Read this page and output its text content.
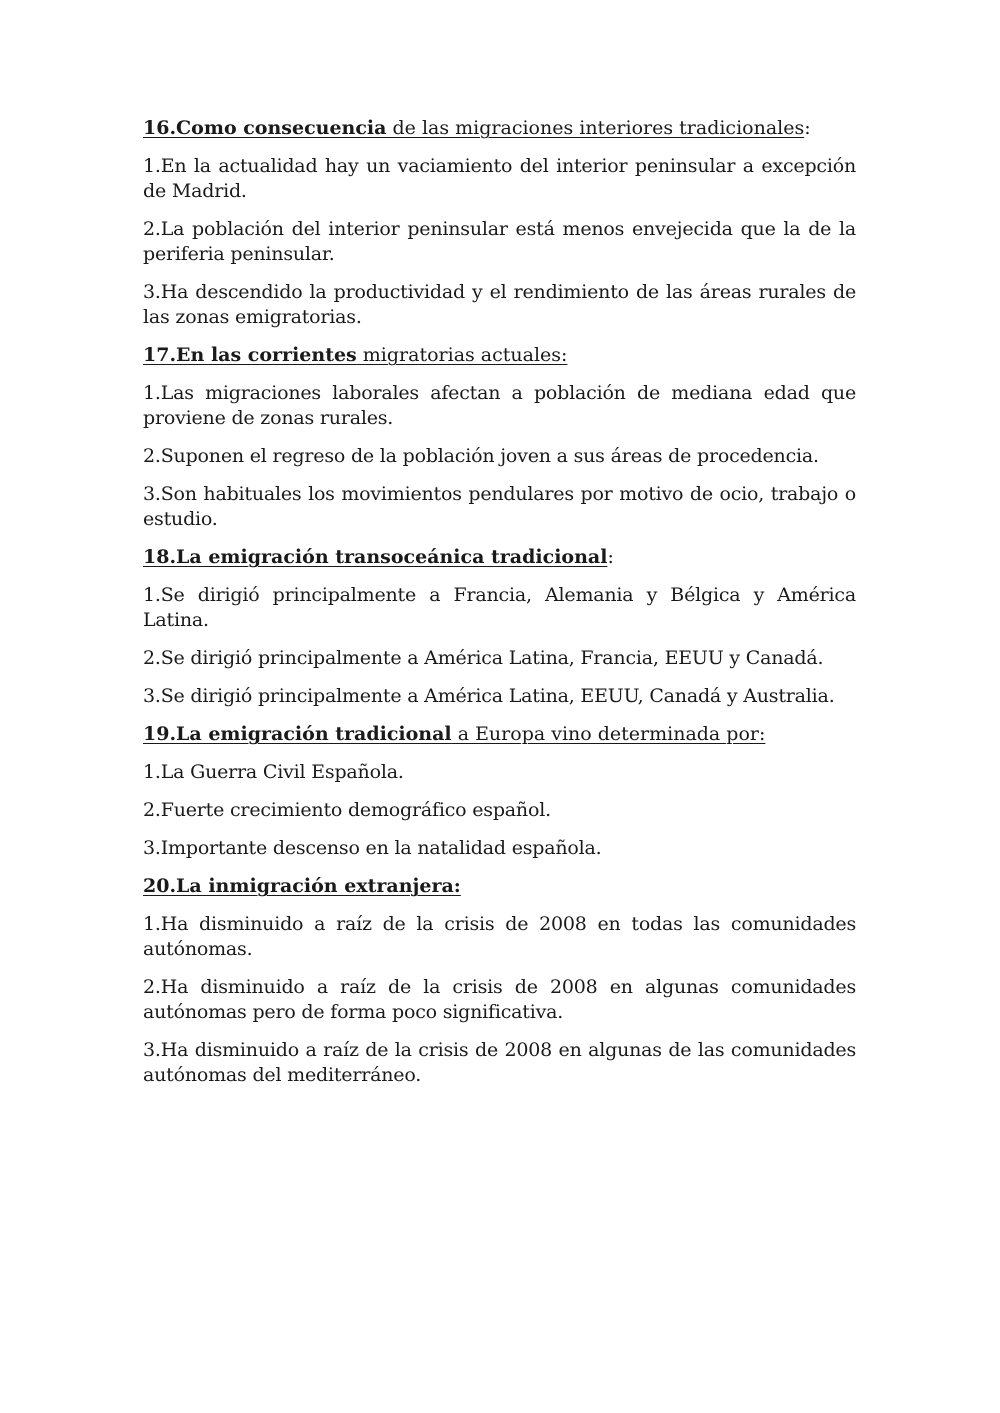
16.Como consecuencia de las migraciones interiores tradicionales:

1.En la actualidad hay un vaciamiento del interior peninsular a excepción de Madrid.

2.La población del interior peninsular está menos envejecida que la de la periferia peninsular.

3.Ha descendido la productividad y el rendimiento de las áreas rurales de las zonas emigratorias.

17.En las corrientes migratorias actuales:

1.Las migraciones laborales afectan a población de mediana edad que proviene de zonas rurales.

2.Suponen el regreso de la población joven a sus áreas de procedencia.

3.Son habituales los movimientos pendulares por motivo de ocio, trabajo o estudio.

18.La emigración transoceánica tradicional:

1.Se dirigió principalmente a Francia, Alemania y Bélgica y América Latina.

2.Se dirigió principalmente a América Latina, Francia, EEUU y Canadá.

3.Se dirigió principalmente a América Latina, EEUU, Canadá y Australia.

19.La emigración tradicional a Europa vino determinada por:

1.La Guerra Civil Española.

2.Fuerte crecimiento demográfico español.

3.Importante descenso en la natalidad española.

20.La inmigración extranjera:

1.Ha disminuido a raíz de la crisis de 2008 en todas las comunidades autónomas.

2.Ha disminuido a raíz de la crisis de 2008 en algunas comunidades autónomas pero de forma poco significativa.

3.Ha disminuido a raíz de la crisis de 2008 en algunas de las comunidades autónomas del mediterráneo.
